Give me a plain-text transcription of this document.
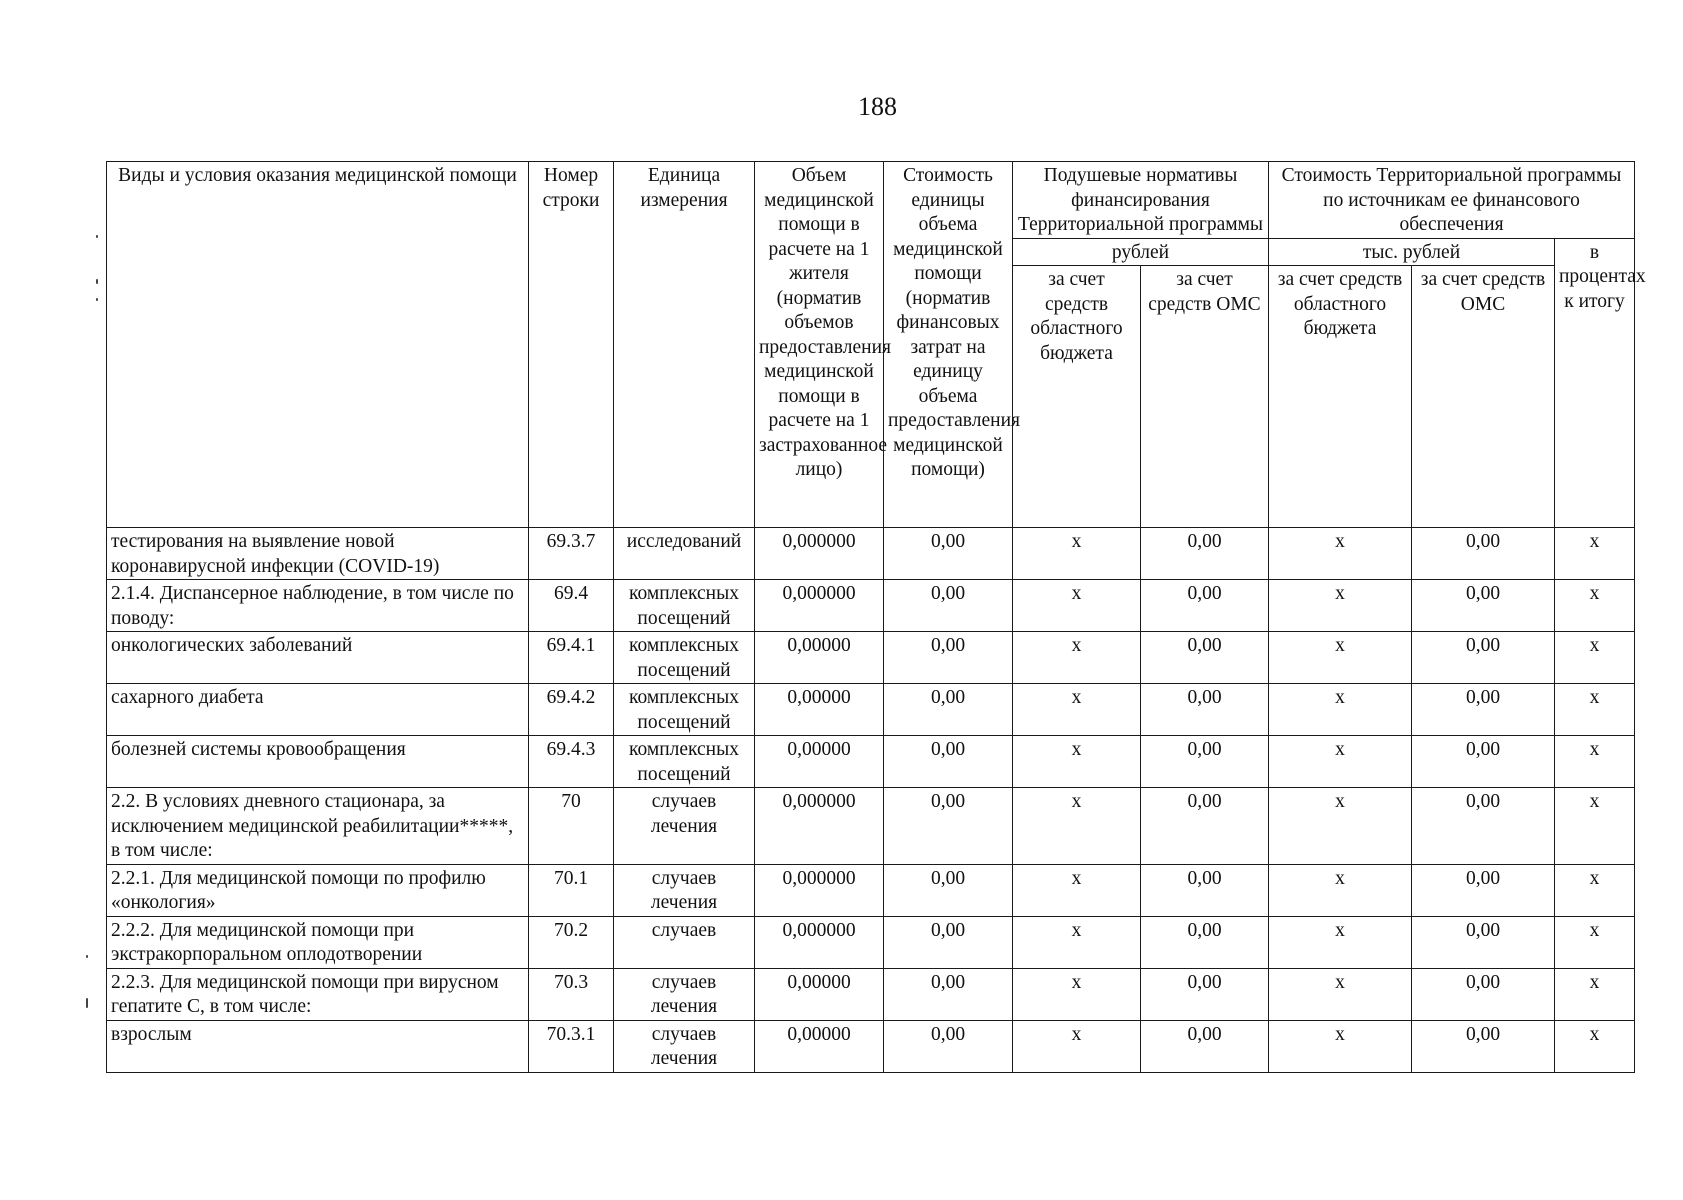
188
Виды и условия оказания медицинской помощи	Номер строки	Единица измерения	Объем медицинской помощи в расчете на 1 жителя (норматив объемов предоставления медицинской помощи в расчете на 1 застрахованное лицо)	Стоимость единицы объема медицинской помощи (норматив финансовых затрат на единицу объема предоставления медицинской помощи)	Подушевые нормативы финансирования Территориальной программы		Стоимость Территориальной программы по источникам ее финансового обеспечения		
					рублей		тыс. рублей		в процентах к итогу
					за счет средств областного бюджета	за счет средств ОМС	за счет средств областного бюджета	за счет средств ОМС	
тестирования на выявление новой коронавирусной инфекции (COVID-19)	69.3.7	исследований	0,000000	0,00	х	0,00	х	0,00	х
2.1.4. Диспансерное наблюдение, в том числе по поводу:	69.4	комплексных посещений	0,000000	0,00	х	0,00	х	0,00	х
онкологических заболеваний	69.4.1	комплексных посещений	0,00000	0,00	х	0,00	х	0,00	х
сахарного диабета	69.4.2	комплексных посещений	0,00000	0,00	х	0,00	х	0,00	х
болезней системы кровообращения	69.4.3	комплексных посещений	0,00000	0,00	х	0,00	х	0,00	х
2.2. В условиях дневного стационара, за исключением медицинской реабилитации*****, в том числе:	70	случаев лечения	0,000000	0,00	х	0,00	х	0,00	х
2.2.1. Для медицинской помощи по профилю «онкология»	70.1	случаев лечения	0,000000	0,00	х	0,00	х	0,00	х
2.2.2. Для медицинской помощи при экстракорпоральном оплодотворении	70.2	случаев	0,000000	0,00	х	0,00	х	0,00	х
2.2.3. Для медицинской помощи при вирусном гепатите С, в том числе:	70.3	случаев лечения	0,00000	0,00	х	0,00	х	0,00	х
взрослым	70.3.1	случаев лечения	0,00000	0,00	х	0,00	х	0,00	х
